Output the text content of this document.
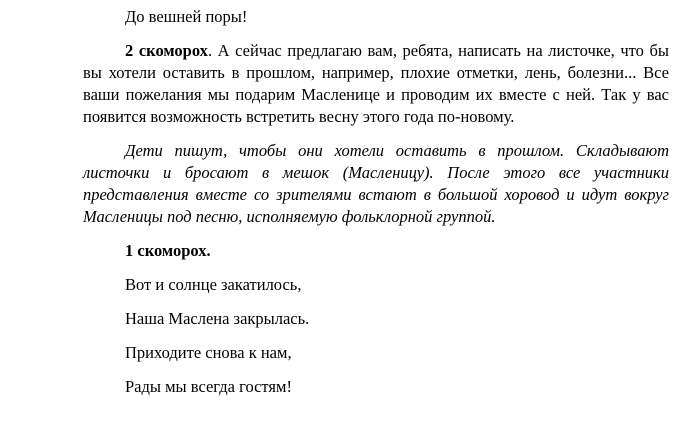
До вешней поры!

2 скоморох. А сейчас предлагаю вам, ребята, написать на листочке, что бы вы хотели оставить в прошлом, например, плохие отметки, лень, болезни... Все ваши пожелания мы подарим Масленице и проводим их вместе с ней. Так у вас появится возможность встретить весну этого года по-новому.

Дети пишут, чтобы они хотели оставить в прошлом. Складывают листочки и бросают в мешок (Масленицу). После этого все участники представления вместе со зрителями встают в большой хоровод и идут вокруг Масленицы под песню, исполняемую фольклорной группой.

1 скоморох.

Вот и солнце закатилось,

Наша Маслена закрылась.

Приходите снова к нам,

Рады мы всегда гостям!
